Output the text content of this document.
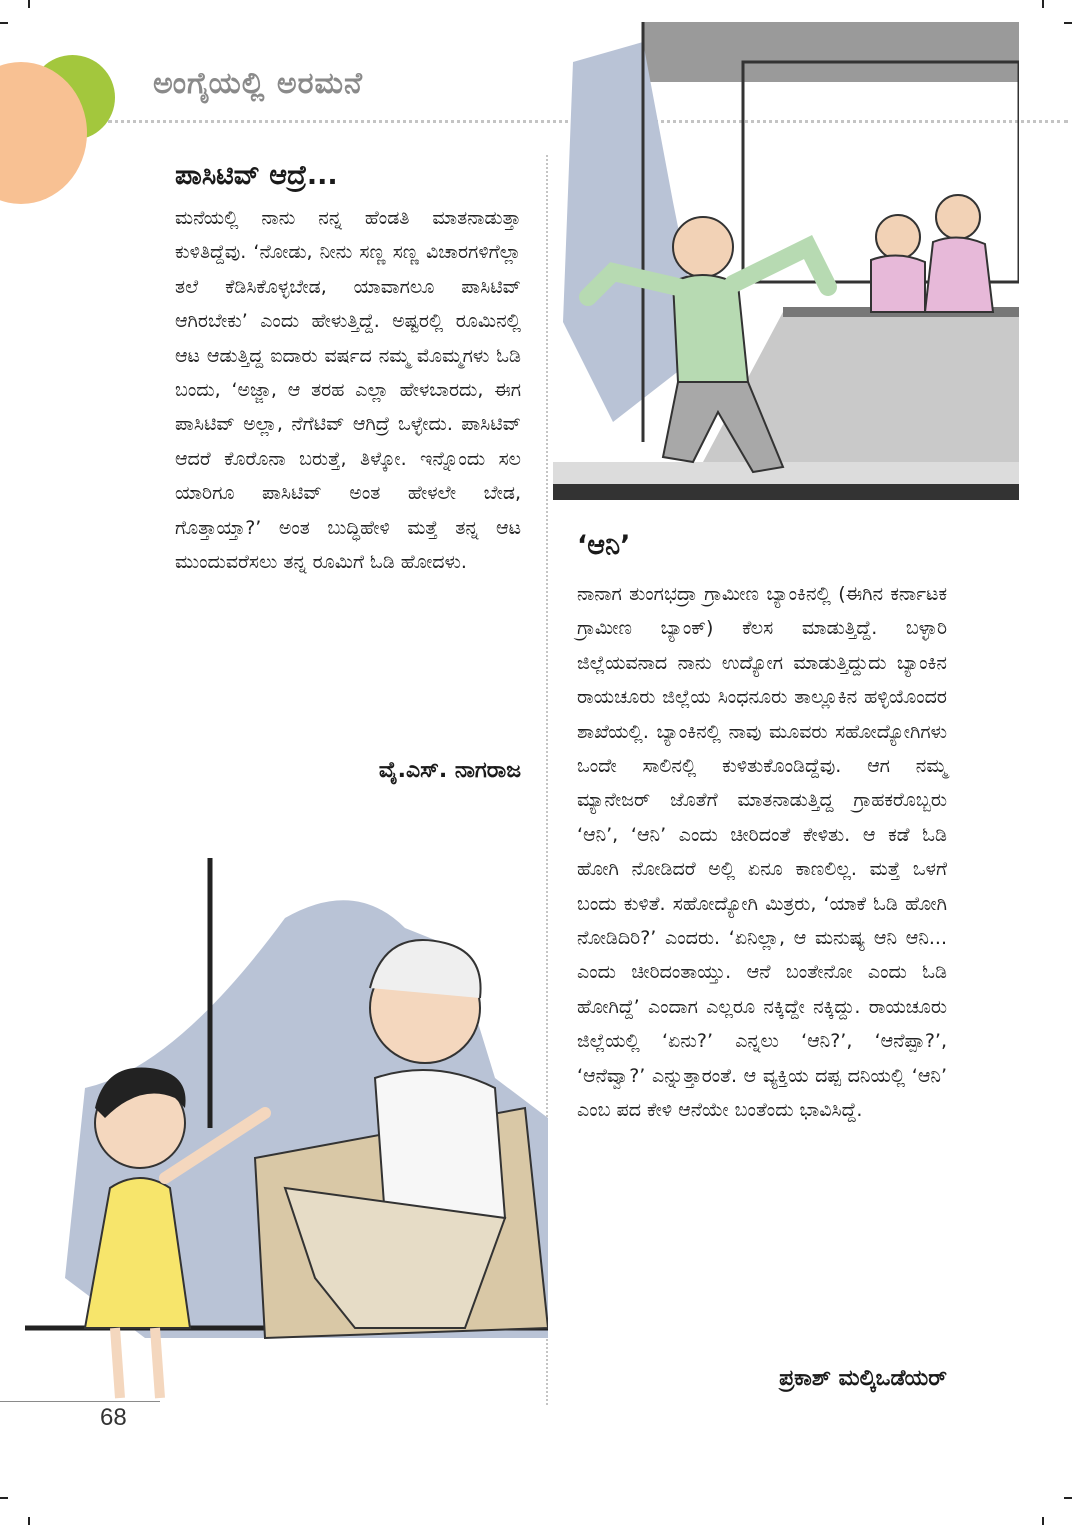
ಅಂಗೈಯಲ್ಲಿ ಅರಮನೆ
ಪಾಸಿಟಿವ್ ಆದ್ರೆ...

ಮನೆಯಲ್ಲಿ ನಾನು ನನ್ನ ಹೆಂಡತಿ ಮಾತನಾಡುತ್ತಾ ಕುಳಿತಿದ್ದೆವು. ‘ನೋಡು, ನೀನು ಸಣ್ಣ ಸಣ್ಣ ವಿಚಾರಗಳಿಗೆಲ್ಲಾ ತಲೆ ಕೆಡಿಸಿಕೊಳ್ಳಬೇಡ, ಯಾವಾಗಲೂ ಪಾಸಿಟಿವ್ ಆಗಿರಬೇಕು’ ಎಂದು ಹೇಳುತ್ತಿದ್ದೆ. ಅಷ್ಟರಲ್ಲಿ ರೂಮಿನಲ್ಲಿ ಆಟ ಆಡುತ್ತಿದ್ದ ಐದಾರು ವರ್ಷದ ನಮ್ಮ ಮೊಮ್ಮಗಳು ಓಡಿ ಬಂದು, ‘ಅಜ್ಜಾ, ಆ ತರಹ ಎಲ್ಲಾ ಹೇಳಬಾರದು, ಈಗ ಪಾಸಿಟಿವ್ ಅಲ್ಲಾ, ನೆಗೆಟಿವ್ ಆಗಿದ್ರೆ ಒಳ್ಳೇದು. ಪಾಸಿಟಿವ್ ಆದರೆ ಕೊರೊನಾ ಬರುತ್ತೆ, ತಿಳ್ಕೋ. ಇನ್ನೊಂದು ಸಲ ಯಾರಿಗೂ ಪಾಸಿಟಿವ್ ಅಂತ ಹೇಳಲೇ ಬೇಡ, ಗೊತ್ತಾಯ್ತಾ?’ ಅಂತ ಬುದ್ಧಿಹೇಳಿ ಮತ್ತೆ ತನ್ನ ಆಟ ಮುಂದುವರೆಸಲು ತನ್ನ ರೂಮಿಗೆ ಓಡಿ ಹೋದಳು.

ವೈ.ಎಸ್. ನಾಗರಾಜ

‘ಆನಿ’

ನಾನಾಗ ತುಂಗಭದ್ರಾ ಗ್ರಾಮೀಣ ಬ್ಯಾಂಕಿನಲ್ಲಿ (ಈಗಿನ ಕರ್ನಾಟಕ ಗ್ರಾಮೀಣ ಬ್ಯಾಂಕ್) ಕೆಲಸ ಮಾಡುತ್ತಿದ್ದೆ. ಬಳ್ಳಾರಿ ಜಿಲ್ಲೆಯವನಾದ ನಾನು ಉದ್ಯೋಗ ಮಾಡುತ್ತಿದ್ದುದು ಬ್ಯಾಂಕಿನ ರಾಯಚೂರು ಜಿಲ್ಲೆಯ ಸಿಂಧನೂರು ತಾಲ್ಲೂಕಿನ ಹಳ್ಳಿಯೊಂದರ ಶಾಖೆಯಲ್ಲಿ. ಬ್ಯಾಂಕಿನಲ್ಲಿ ನಾವು ಮೂವರು ಸಹೋದ್ಯೋಗಿಗಳು ಒಂದೇ ಸಾಲಿನಲ್ಲಿ ಕುಳಿತುಕೊಂಡಿದ್ದೆವು. ಆಗ ನಮ್ಮ ಮ್ಯಾನೇಜರ್ ಜೊತೆಗೆ ಮಾತನಾಡುತ್ತಿದ್ದ ಗ್ರಾಹಕರೊಬ್ಬರು ‘ಆನಿ’, ‘ಆನಿ’ ಎಂದು ಚೀರಿದಂತೆ ಕೇಳಿತು. ಆ ಕಡೆ ಓಡಿ ಹೋಗಿ ನೋಡಿದರೆ ಅಲ್ಲಿ ಏನೂ ಕಾಣಲಿಲ್ಲ. ಮತ್ತೆ ಒಳಗೆ ಬಂದು ಕುಳಿತೆ. ಸಹೋದ್ಯೋಗಿ ಮಿತ್ರರು, ‘ಯಾಕೆ ಓಡಿ ಹೋಗಿ ನೋಡಿದಿರಿ?’ ಎಂದರು. ‘ಏನಿಲ್ಲಾ, ಆ ಮನುಷ್ಯ ಆನಿ ಆನಿ... ಎಂದು ಚೀರಿದಂತಾಯ್ತು. ಆನೆ ಬಂತೇನೋ ಎಂದು ಓಡಿ ಹೋಗಿದ್ದೆ’ ಎಂದಾಗ ಎಲ್ಲರೂ ನಕ್ಕಿದ್ದೇ ನಕ್ಕಿದ್ದು. ರಾಯಚೂರು ಜಿಲ್ಲೆಯಲ್ಲಿ ‘ಏನು?’ ಎನ್ನಲು ‘ಆನಿ?’, ‘ಆನೆಪ್ಪಾ?’, ‘ಆನೆವ್ವಾ?’ ಎನ್ನುತ್ತಾರಂತೆ. ಆ ವ್ಯಕ್ತಿಯ ದಪ್ಪ ದನಿಯಲ್ಲಿ ‘ಆನಿ’ ಎಂಬ ಪದ ಕೇಳಿ ಆನೆಯೇ ಬಂತೆಂದು ಭಾವಿಸಿದ್ದೆ.

ಪ್ರಕಾಶ್ ಮಲ್ಕಿಒಡೆಯರ್

68
